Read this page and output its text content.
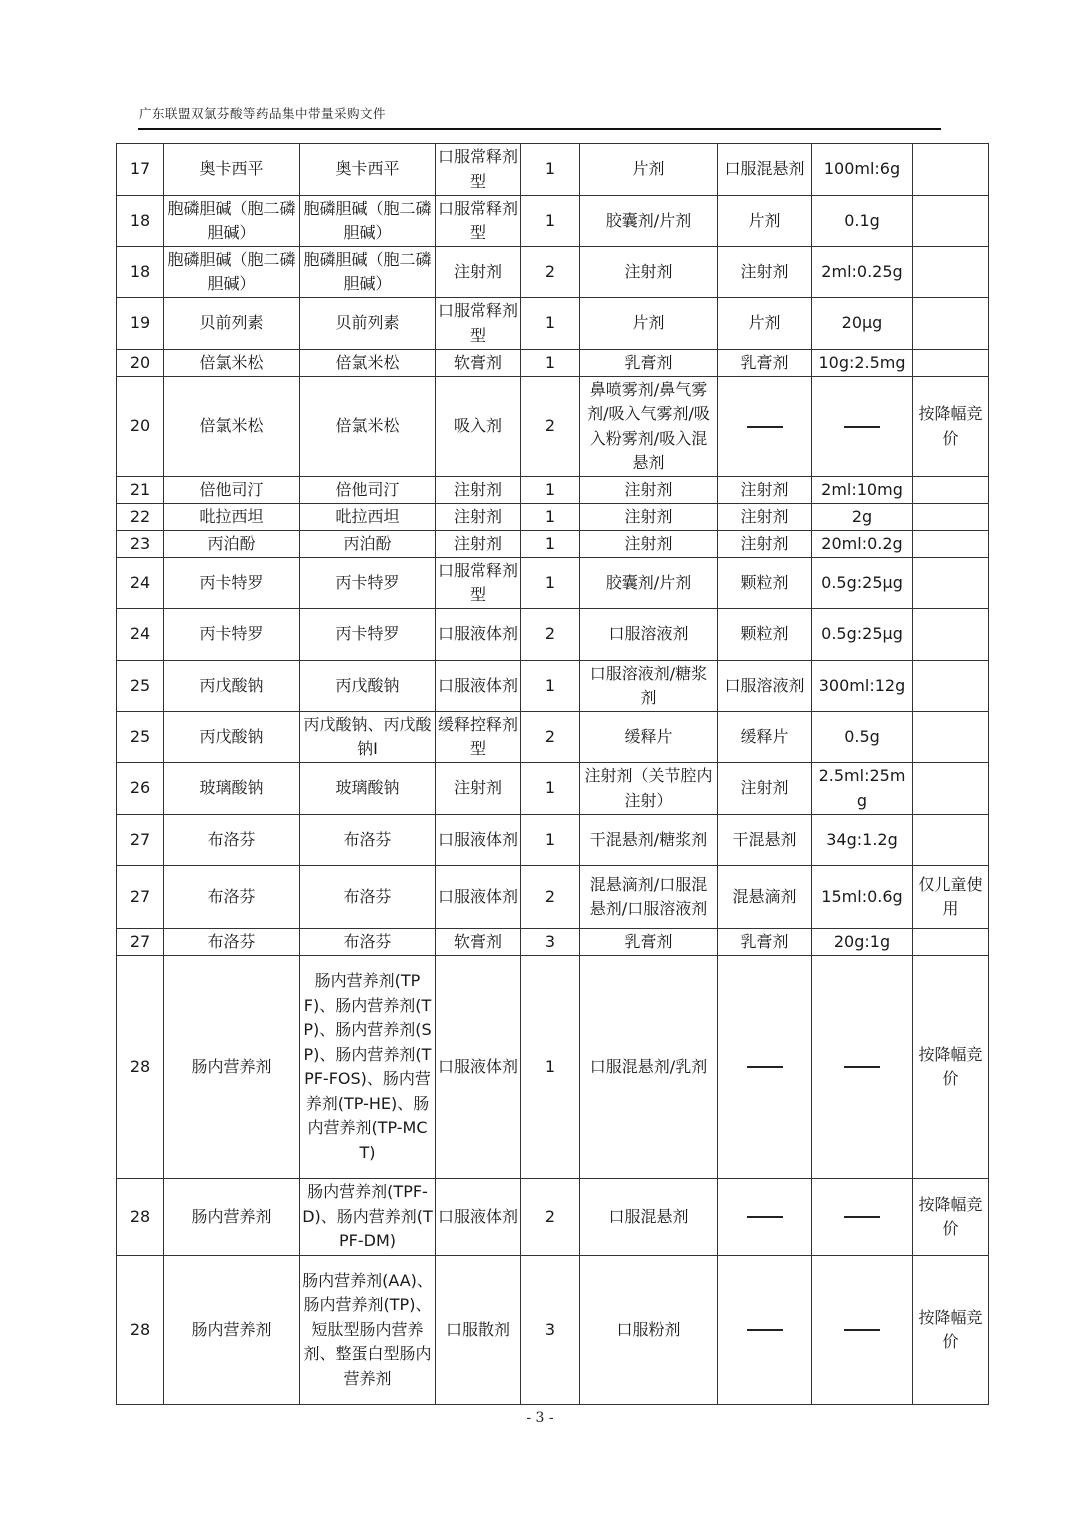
广东联盟双氯芬酸等药品集中带量采购文件
17	奥卡西平	奥卡西平	口服常释剂型	1	片剂	口服混悬剂	100ml:6g	
18	胞磷胆碱（胞二磷胆碱）	胞磷胆碱（胞二磷胆碱）	口服常释剂型	1	胶囊剂/片剂	片剂	0.1g	
18	胞磷胆碱（胞二磷胆碱）	胞磷胆碱（胞二磷胆碱）	注射剂	2	注射剂	注射剂	2ml:0.25g	
19	贝前列素	贝前列素	口服常释剂型	1	片剂	片剂	20μg	
20	倍氯米松	倍氯米松	软膏剂	1	乳膏剂	乳膏剂	10g:2.5mg	
20	倍氯米松	倍氯米松	吸入剂	2	鼻喷雾剂/鼻气雾剂/吸入气雾剂/吸入粉雾剂/吸入混悬剂			按降幅竞价
21	倍他司汀	倍他司汀	注射剂	1	注射剂	注射剂	2ml:10mg	
22	吡拉西坦	吡拉西坦	注射剂	1	注射剂	注射剂	2g	
23	丙泊酚	丙泊酚	注射剂	1	注射剂	注射剂	20ml:0.2g	
24	丙卡特罗	丙卡特罗	口服常释剂型	1	胶囊剂/片剂	颗粒剂	0.5g:25μg	
24	丙卡特罗	丙卡特罗	口服液体剂	2	口服溶液剂	颗粒剂	0.5g:25μg	
25	丙戊酸钠	丙戊酸钠	口服液体剂	1	口服溶液剂/糖浆剂	口服溶液剂	300ml:12g	
25	丙戊酸钠	丙戊酸钠、丙戊酸钠Ⅰ	缓释控释剂型	2	缓释片	缓释片	0.5g	
26	玻璃酸钠	玻璃酸钠	注射剂	1	注射剂（关节腔内注射）	注射剂	2.5ml:25mg	
27	布洛芬	布洛芬	口服液体剂	1	干混悬剂/糖浆剂	干混悬剂	34g:1.2g	
27	布洛芬	布洛芬	口服液体剂	2	混悬滴剂/口服混悬剂/口服溶液剂	混悬滴剂	15ml:0.6g	仅儿童使用
27	布洛芬	布洛芬	软膏剂	3	乳膏剂	乳膏剂	20g:1g	
28	肠内营养剂	肠内营养剂(TPF)、肠内营养剂(TP)、肠内营养剂(SP)、肠内营养剂(TPF-FOS)、肠内营养剂(TP-HE)、肠内营养剂(TP-MCT)	口服液体剂	1	口服混悬剂/乳剂			按降幅竞价
28	肠内营养剂	肠内营养剂(TPF-D)、肠内营养剂(TPF-DM)	口服液体剂	2	口服混悬剂			按降幅竞价
28	肠内营养剂	肠内营养剂(AA)、肠内营养剂(TP)、短肽型肠内营养剂、整蛋白型肠内营养剂	口服散剂	3	口服粉剂			按降幅竞价
- 3 -
